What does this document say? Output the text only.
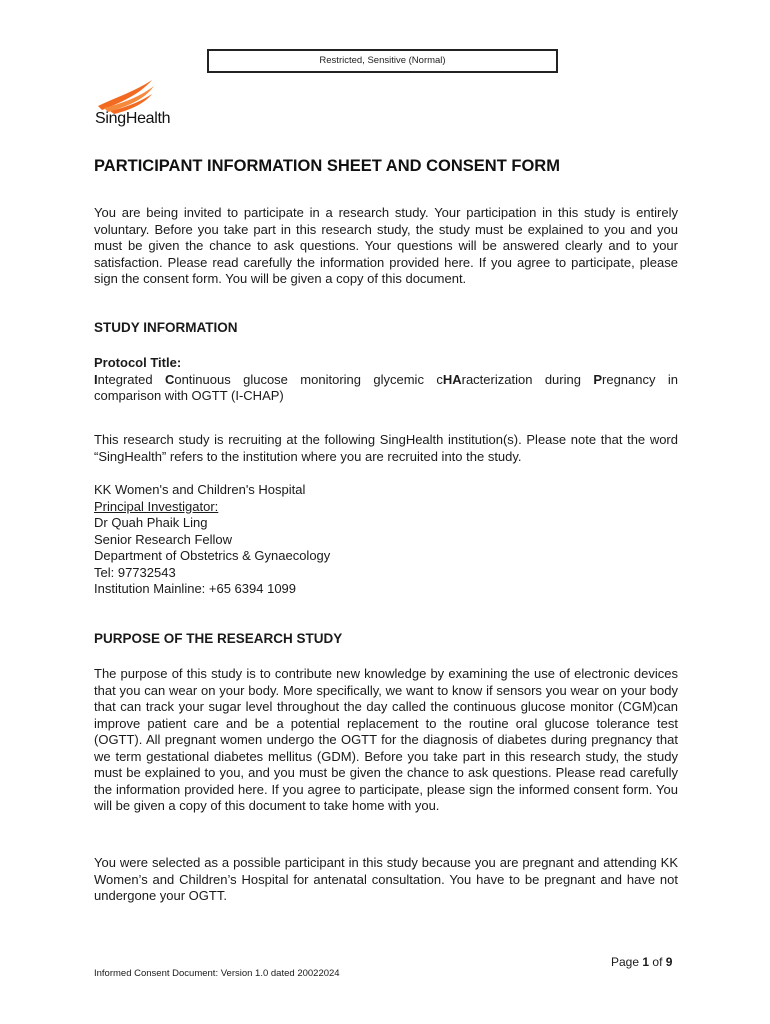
Restricted, Sensitive (Normal)
SingHealth
PARTICIPANT INFORMATION SHEET AND CONSENT FORM

You are being invited to participate in a research study. Your participation in this study is entirely voluntary. Before you take part in this research study, the study must be explained to you and you must be given the chance to ask questions. Your questions will be answered clearly and to your satisfaction. Please read carefully the information provided here. If you agree to participate, please sign the consent form. You will be given a copy of this document.

STUDY INFORMATION
Protocol Title:

Integrated Continuous glucose monitoring glycemic cHAracterization during Pregnancy in comparison with OGTT (I-CHAP)

This research study is recruiting at the following SingHealth institution(s). Please note that the word “SingHealth” refers to the institution where you are recruited into the study.

KK Women's and Children's Hospital
Principal Investigator:
Dr Quah Phaik Ling
Senior Research Fellow
Department of Obstetrics & Gynaecology
Tel: 97732543
Institution Mainline: +65 6394 1099
PURPOSE OF THE RESEARCH STUDY

The purpose of this study is to contribute new knowledge by examining the use of electronic devices that you can wear on your body. More specifically, we want to know if sensors you wear on your body that can track your sugar level throughout the day called the continuous glucose monitor (CGM)can improve patient care and be a potential replacement to the routine oral glucose tolerance test (OGTT). All pregnant women undergo the OGTT for the diagnosis of diabetes during pregnancy that we term gestational diabetes mellitus (GDM). Before you take part in this research study, the study must be explained to you, and you must be given the chance to ask questions. Please read carefully the information provided here. If you agree to participate, please sign the informed consent form. You will be given a copy of this document to take home with you.

You were selected as a possible participant in this study because you are pregnant and attending KK Women’s and Children’s Hospital for antenatal consultation. You have to be pregnant and have not undergone your OGTT.

Page 1 of 9
Informed Consent Document: Version 1.0 dated 20022024
